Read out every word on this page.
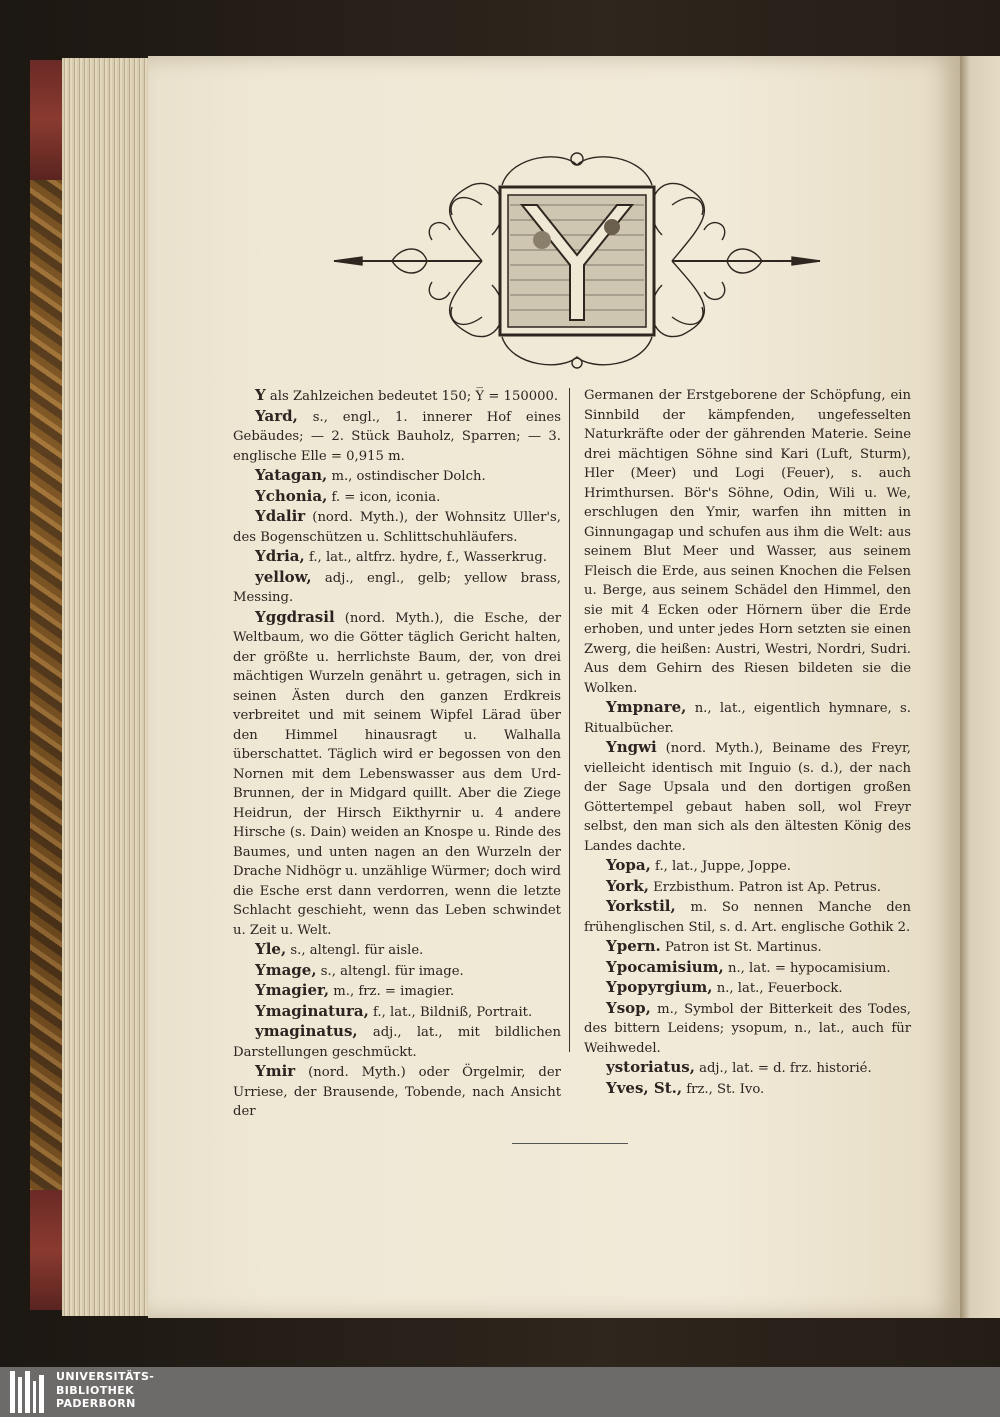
Y als Zahlzeichen bedeutet 150; Y̅ = 150000.

Yard, s., engl., 1. innerer Hof eines Gebäudes; — 2. Stück Bauholz, Sparren; — 3. englische Elle = 0,915 m.

Yatagan, m., ostindischer Dolch.

Ychonia, f. = icon, iconia.

Ydalir (nord. Myth.), der Wohnsitz Uller's, des Bogenschützen u. Schlittschuhläufers.

Ydria, f., lat., altfrz. hydre, f., Wasserkrug.

yellow, adj., engl., gelb; yellow brass, Messing.

Yggdrasil (nord. Myth.), die Esche, der Weltbaum, wo die Götter täglich Gericht halten, der größte u. herrlichste Baum, der, von drei mächtigen Wurzeln genährt u. getragen, sich in seinen Ästen durch den ganzen Erdkreis verbreitet und mit seinem Wipfel Lärad über den Himmel hinausragt u. Walhalla überschattet. Täglich wird er begossen von den Nornen mit dem Lebenswasser aus dem Urd-Brunnen, der in Midgard quillt. Aber die Ziege Heidrun, der Hirsch Eikthyrnir u. 4 andere Hirsche (s. Dain) weiden an Knospe u. Rinde des Baumes, und unten nagen an den Wurzeln der Drache Nidhögr u. unzählige Würmer; doch wird die Esche erst dann verdorren, wenn die letzte Schlacht geschieht, wenn das Leben schwindet u. Zeit u. Welt.

Yle, s., altengl. für aisle.

Ymage, s., altengl. für image.

Ymagier, m., frz. = imagier.

Ymaginatura, f., lat., Bildniß, Portrait.

ymaginatus, adj., lat., mit bildlichen Darstellungen geschmückt.

Ymir (nord. Myth.) oder Örgelmir, der Urriese, der Brausende, Tobende, nach Ansicht der

Germanen der Erstgeborene der Schöpfung, ein Sinnbild der kämpfenden, ungefesselten Naturkräfte oder der gährenden Materie. Seine drei mächtigen Söhne sind Kari (Luft, Sturm), Hler (Meer) und Logi (Feuer), s. auch Hrimthursen. Bör's Söhne, Odin, Wili u. We, erschlugen den Ymir, warfen ihn mitten in Ginnungagap und schufen aus ihm die Welt: aus seinem Blut Meer und Wasser, aus seinem Fleisch die Erde, aus seinen Knochen die Felsen u. Berge, aus seinem Schädel den Himmel, den sie mit 4 Ecken oder Hörnern über die Erde erhoben, und unter jedes Horn setzten sie einen Zwerg, die heißen: Austri, Westri, Nordri, Sudri. Aus dem Gehirn des Riesen bildeten sie die Wolken.

Ympnare, n., lat., eigentlich hymnare, s. Ritualbücher.

Yngwi (nord. Myth.), Beiname des Freyr, vielleicht identisch mit Inguio (s. d.), der nach der Sage Upsala und den dortigen großen Göttertempel gebaut haben soll, wol Freyr selbst, den man sich als den ältesten König des Landes dachte.

Yopa, f., lat., Juppe, Joppe.

York, Erzbisthum. Patron ist Ap. Petrus.

Yorkstil, m. So nennen Manche den frühenglischen Stil, s. d. Art. englische Gothik 2.

Ypern. Patron ist St. Martinus.

Ypocamisium, n., lat. = hypocamisium.

Ypopyrgium, n., lat., Feuerbock.

Ysop, m., Symbol der Bitterkeit des Todes, des bittern Leidens; ysopum, n., lat., auch für Weihwedel.

ystoriatus, adj., lat. = d. frz. historié.

Yves, St., frz., St. Ivo.

UNIVERSITÄTS-
BIBLIOTHEK
PADERBORN
